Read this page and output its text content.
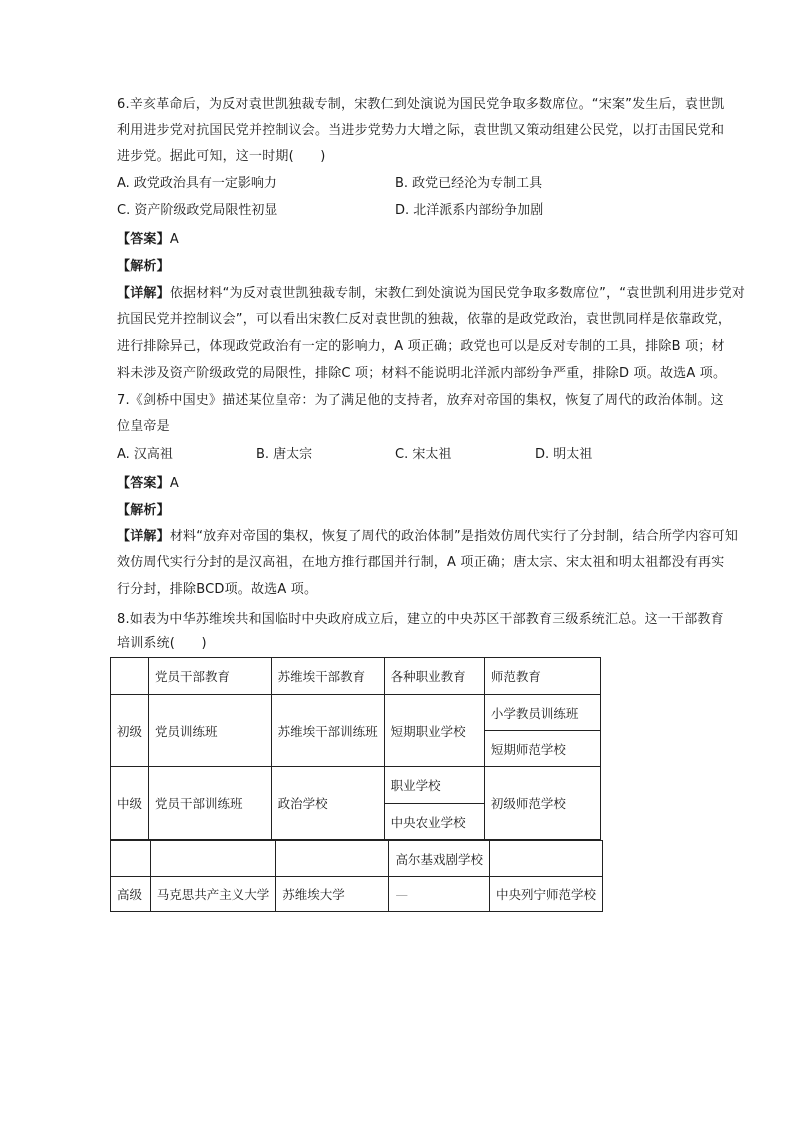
6.辛亥革命后，为反对袁世凯独裁专制，宋教仁到处演说为国民党争取多数席位。“宋案”发生后，袁世凯
利用进步党对抗国民党并控制议会。当进步党势力大增之际，袁世凯又策动组建公民党，以打击国民党和
进步党。据此可知，这一时期(　　)
A. 政党政治具有一定影响力	B. 政党已经沦为专制工具
C. 资产阶级政党局限性初显	D. 北洋派系内部纷争加剧
【答案】A
【解析】
【详解】依据材料“为反对袁世凯独裁专制，宋教仁到处演说为国民党争取多数席位”，“袁世凯利用进步党对
抗国民党并控制议会”，可以看出宋教仁反对袁世凯的独裁，依靠的是政党政治，袁世凯同样是依靠政党，
进行排除异己，体现政党政治有一定的影响力，A 项正确；政党也可以是反对专制的工具，排除B 项；材
料未涉及资产阶级政党的局限性，排除C 项；材料不能说明北洋派内部纷争严重，排除D 项。故选A 项。
7.《剑桥中国史》描述某位皇帝：为了满足他的支持者，放弃对帝国的集权，恢复了周代的政治体制。这
位皇帝是
A. 汉高祖	B. 唐太宗	C. 宋太祖	D. 明太祖
【答案】A
【解析】
【详解】材料“放弃对帝国的集权，恢复了周代的政治体制”是指效仿周代实行了分封制，结合所学内容可知
效仿周代实行分封的是汉高祖，在地方推行郡国并行制，A 项正确；唐太宗、宋太祖和明太祖都没有再实
行分封，排除BCD项。故选A 项。
8.如表为中华苏维埃共和国临时中央政府成立后，建立的中央苏区干部教育三级系统汇总。这一干部教育
培训系统(　　)
	党员干部教育	苏维埃干部教育	各种职业教育	师范教育
初级	党员训练班	苏维埃干部训练班	短期职业学校	小学教员训练班
				短期师范学校
中级	党员干部训练班	政治学校	职业学校	初级师范学校
			中央农业学校	
			高尔基戏剧学校	
高级	马克思共产主义大学	苏维埃大学	—	中央列宁师范学校
